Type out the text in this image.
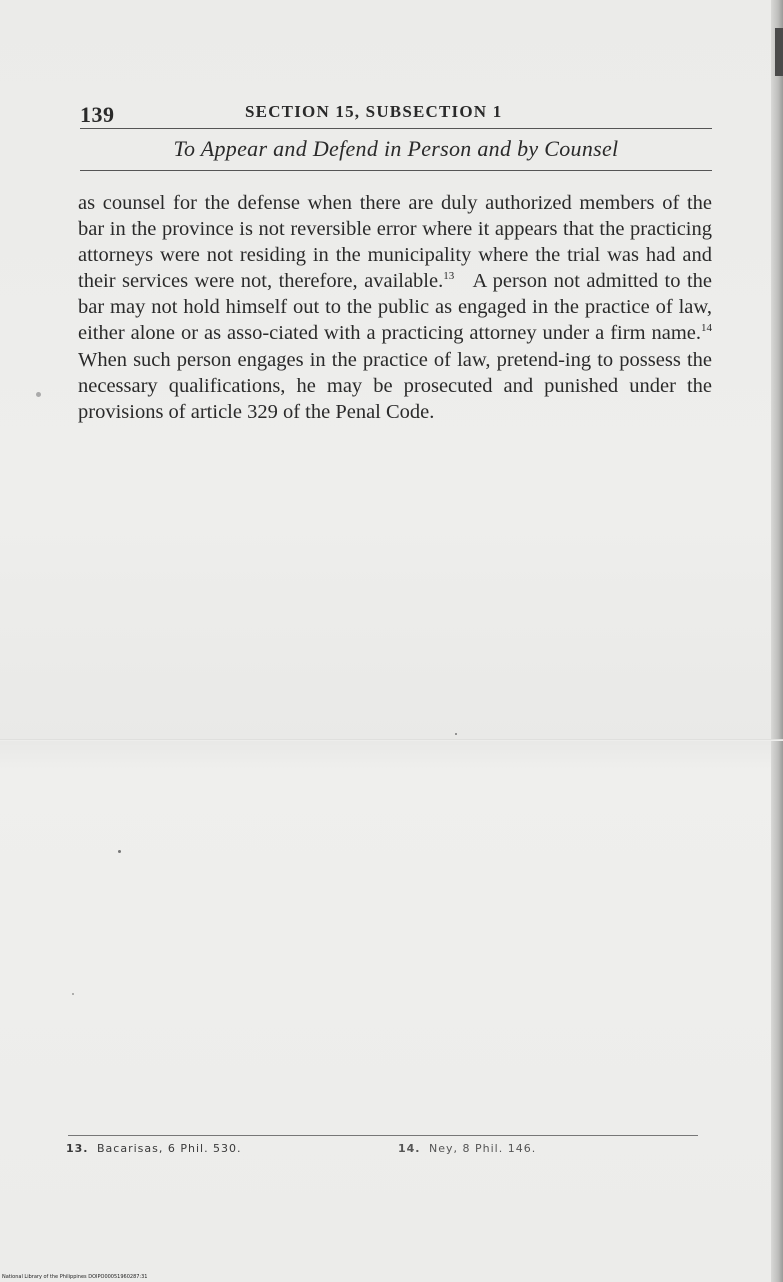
139	SECTION 15, SUBSECTION 1
To Appear and Defend in Person and by Counsel
as counsel for the defense when there are duly authorized members of the bar in the province is not reversible error where it appears that the practicing attorneys were not residing in the municipality where the trial was had and their services were not, therefore, available.$^{13}$ A person not admitted to the bar may not hold himself out to the public as engaged in the practice of law, either alone or as asso-ciated with a practicing attorney under a firm name.$^{14}$ When such person engages in the practice of law, pretend-ing to possess the necessary qualifications, he may be prosecuted and punished under the provisions of article 329 of the Penal Code.
13. Bacarisas, 6 Phil. 530.	14. Ney, 8 Phil. 146.
National Library of the Philippines DOIPO00051960287:31
